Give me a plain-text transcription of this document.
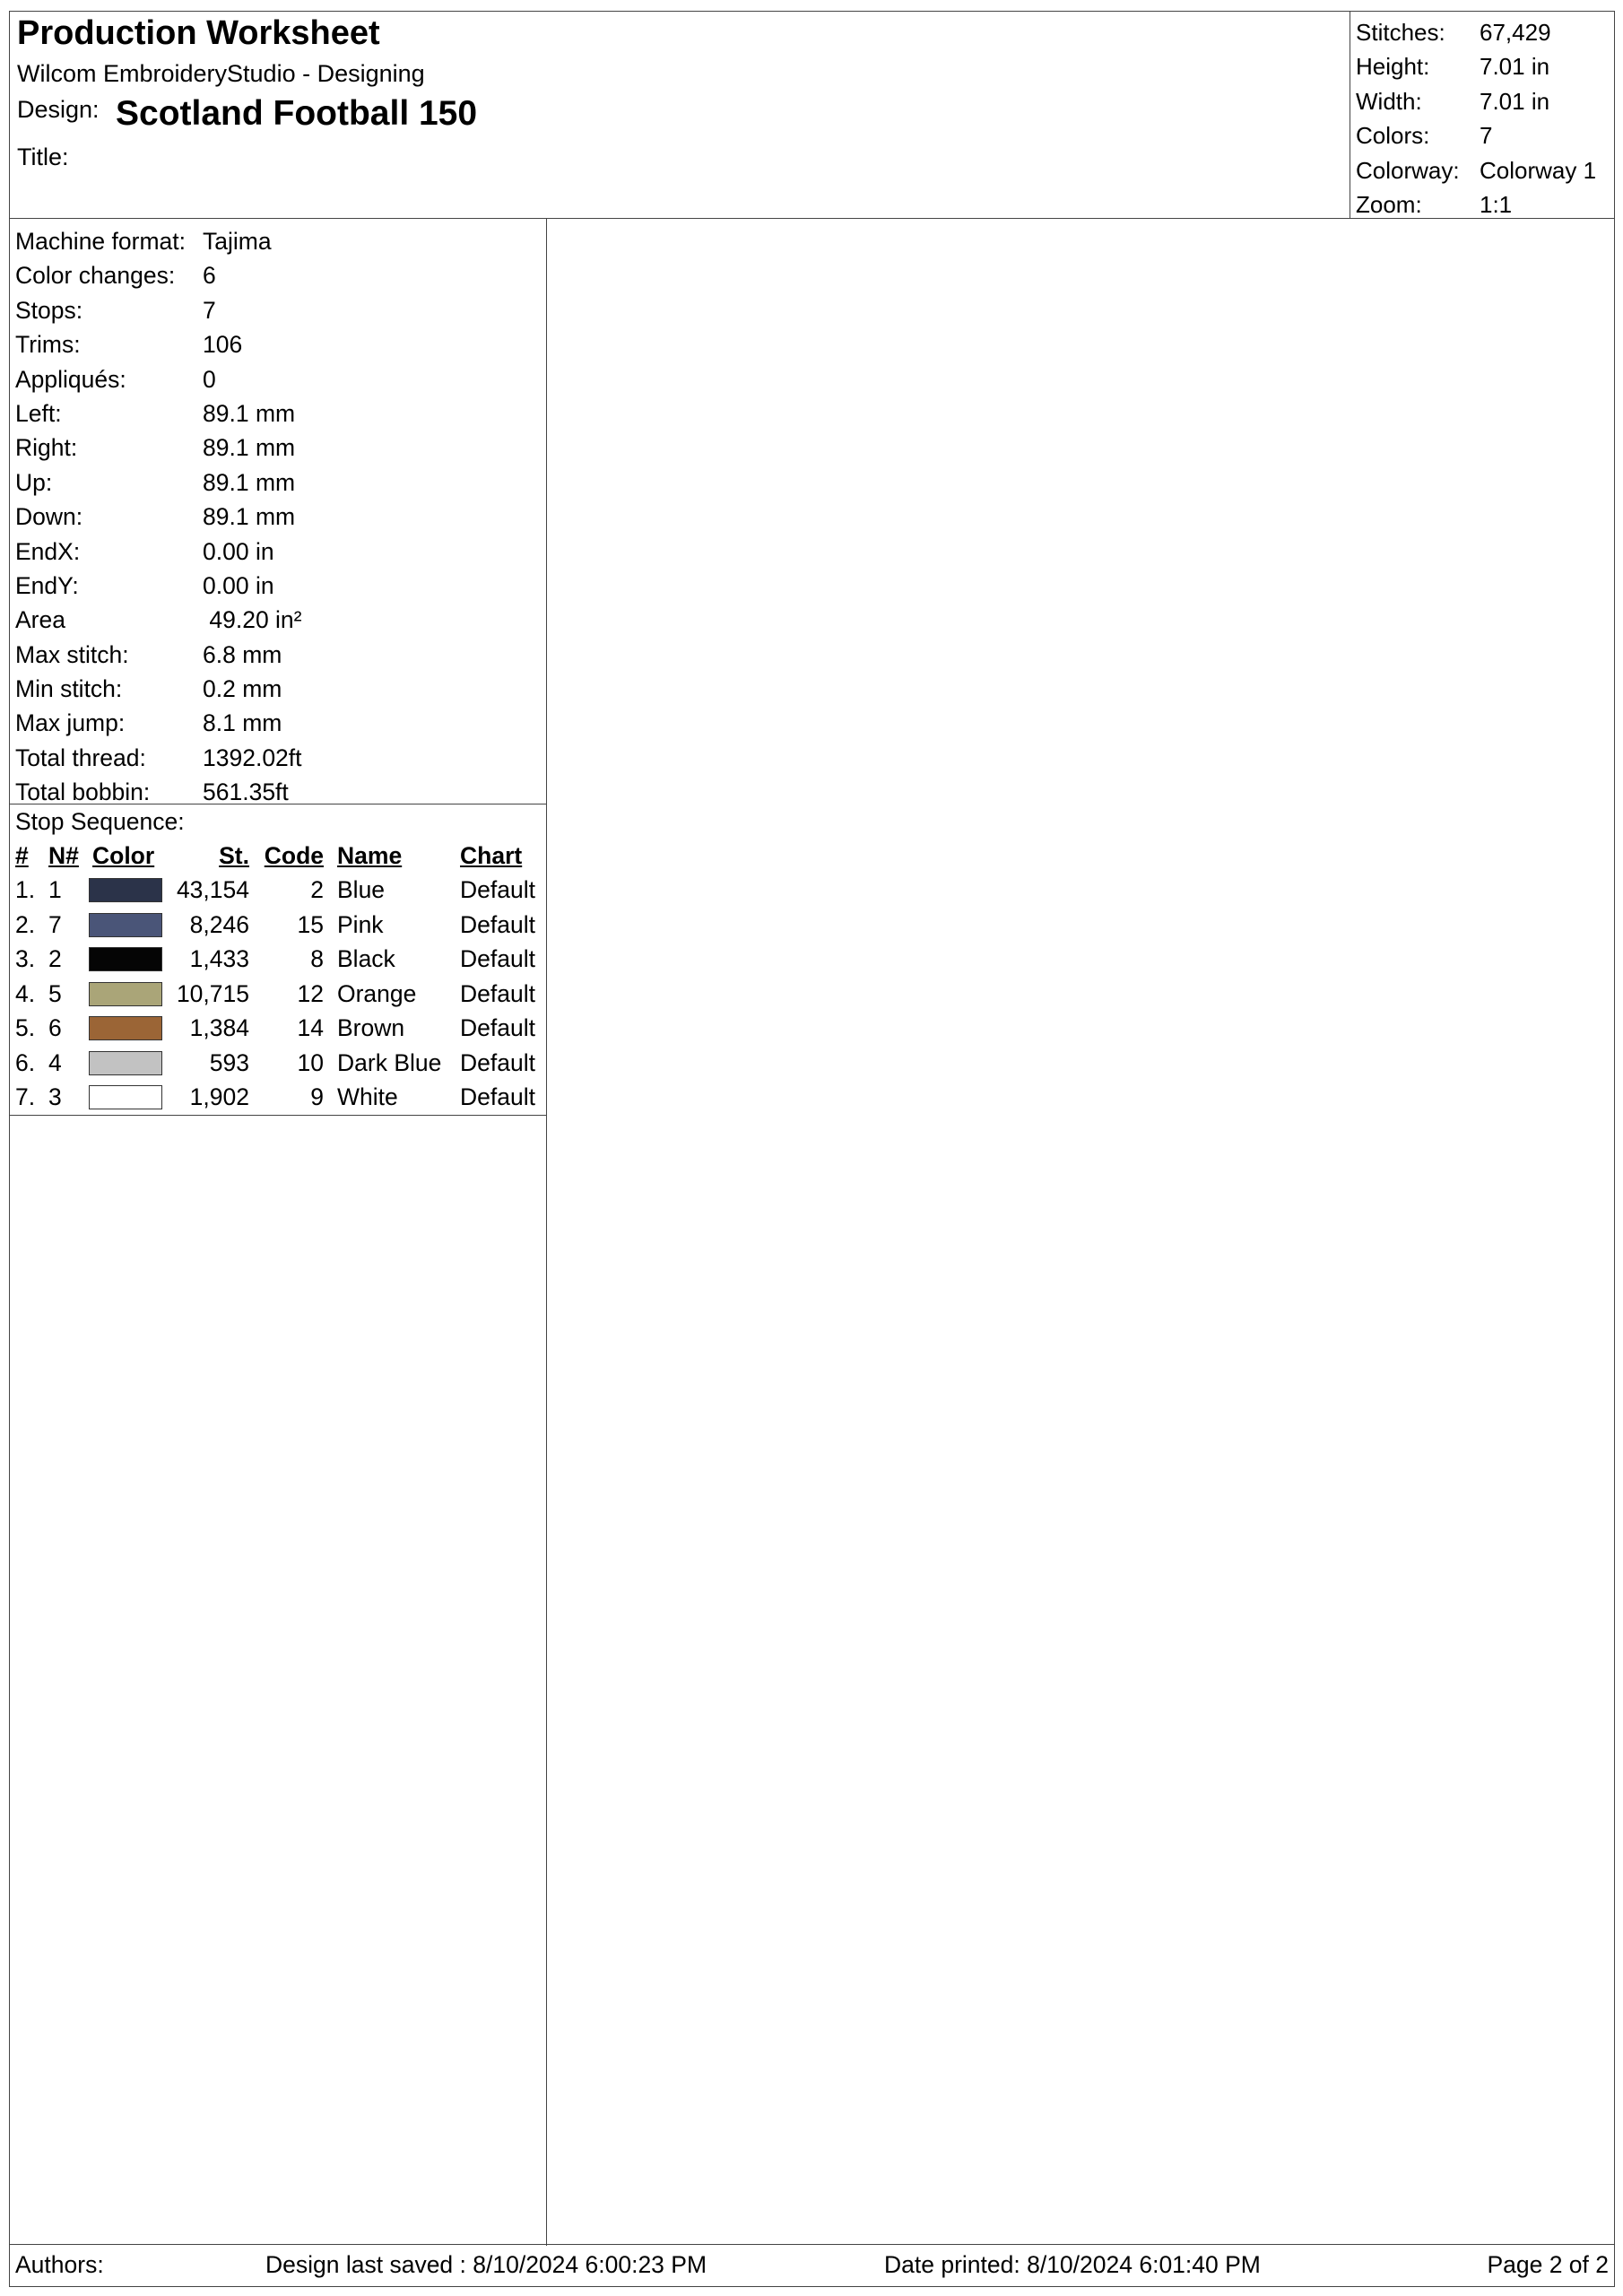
Production Worksheet
Wilcom EmbroideryStudio - Designing
Design: Scotland Football 150
Title:
Stitches:	67,429
Height:	7.01 in
Width:	7.01 in
Colors:	7
Colorway: Colorway 1
Zoom:	1:1
Machine format: Tajima
Color changes:	6
Stops:	7
Trims:	106
Appliqués:	0
Left:	89.1 mm
Right:	89.1 mm
Up:	89.1 mm
Down:	89.1 mm
EndX:	0.00 in
EndY:	0.00 in
Area	49.20 in²
Max stitch:	6.8 mm
Min stitch:	0.2 mm
Max jump:	8.1 mm
Total thread:	1392.02ft
Total bobbin:	561.35ft
Stop Sequence:
# N# Color	St. Code Name Chart
1. 1	43,154	2 Blue	Default
2. 7	8,246 15 Pink	Default
3. 2	1,433	8 Black	Default
4. 5	10,715 12 Orange Default
5. 6	1,384 14 Brown Default
6. 4	593 10 Dark Blue Default
7. 3	1,902	9 White	Default
Authors:	Design last saved : 8/10/2024 6:00:23 PM	Date printed: 8/10/2024 6:01:40 PM	Page 2 of 2
